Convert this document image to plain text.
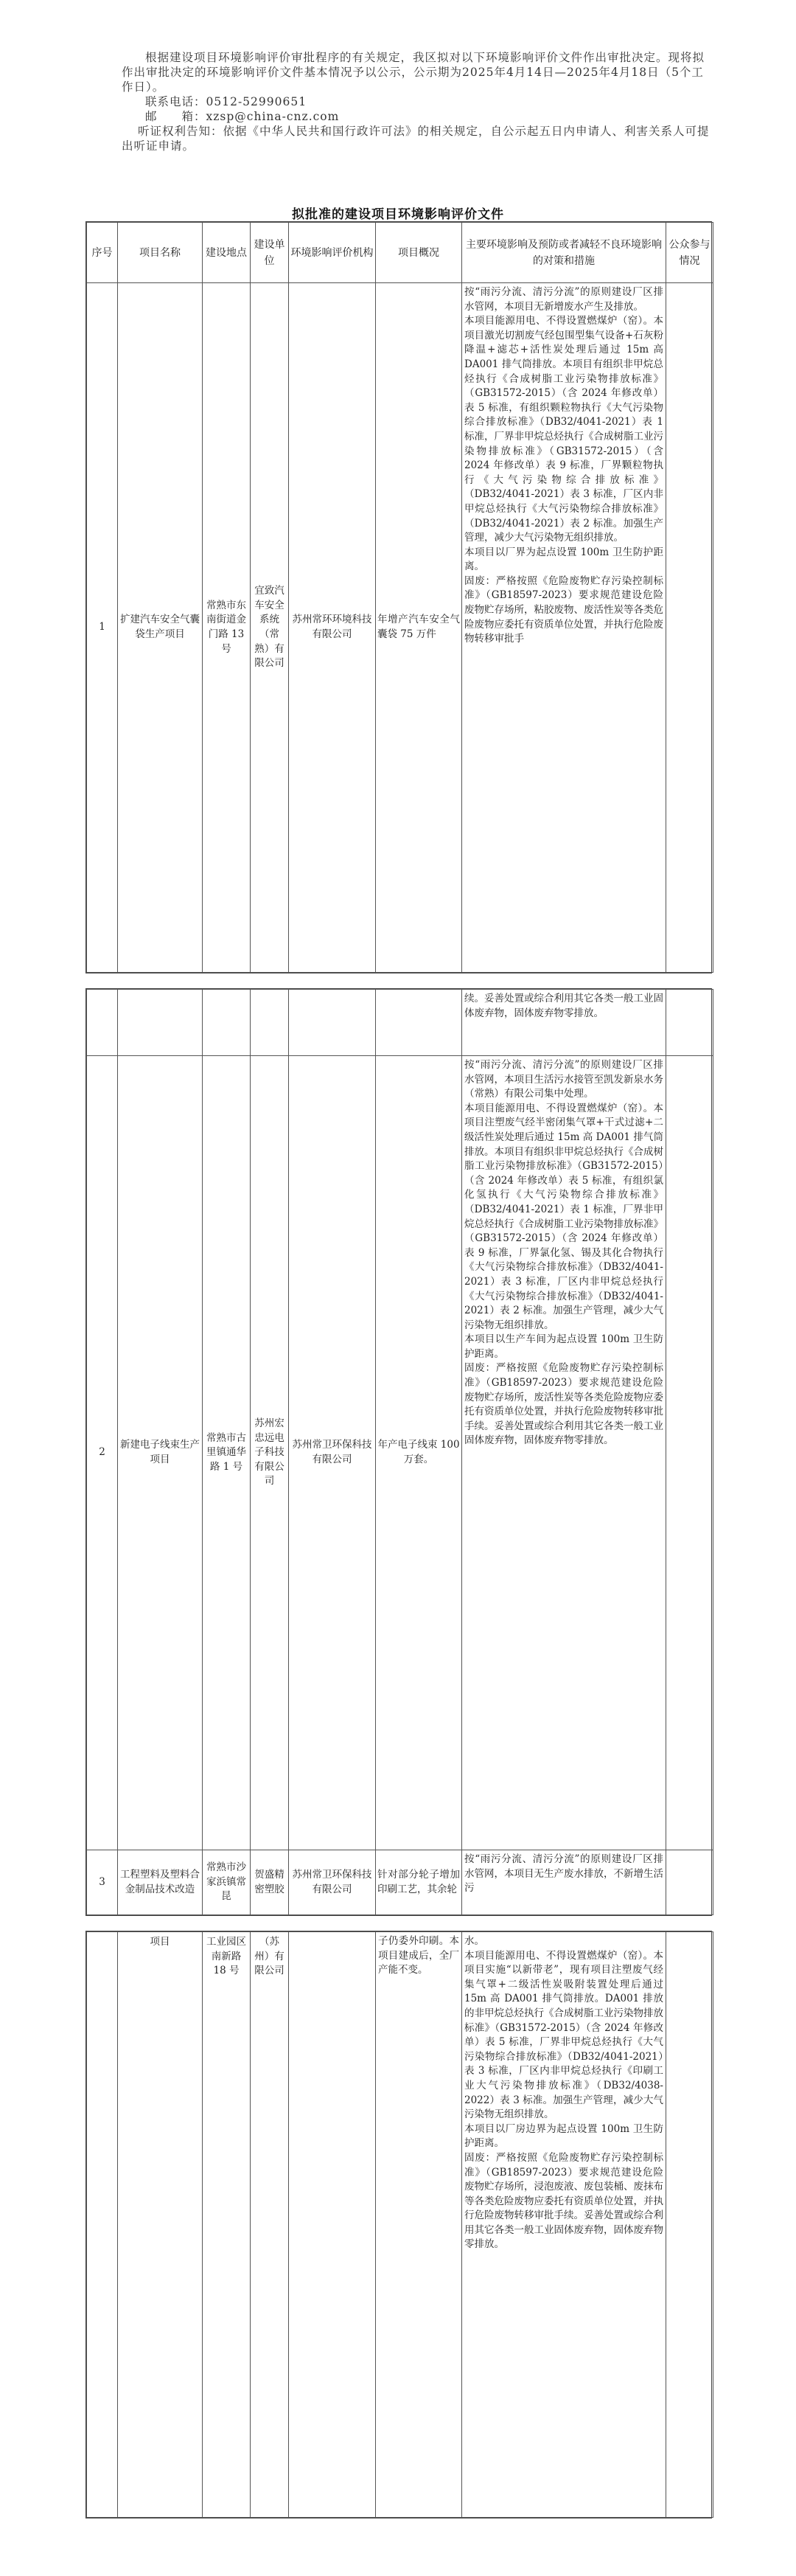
根据建设项目环境影响评价审批程序的有关规定，我区拟对以下环境影响评价文件作出审批决定。现将拟作出审批决定的环境影响评价文件基本情况予以公示，公示期为2025年4月14日—2025年4月18日（5个工作日）。

联系电话：0512-52990651

邮　　箱：xzsp@china-cnz.com

听证权利告知：依据《中华人民共和国行政许可法》的相关规定，自公示起五日内申请人、利害关系人可提出听证申请。

拟批准的建设项目环境影响评价文件
序号	项目名称	建设地点	建设单位	环境影响评价机构	项目概况	主要环境影响及预防或者减轻不良环境影响的对策和措施	公众参与情况
1	扩建汽车安全气囊袋生产项目	常熟市东南街道金门路 13 号	宜致汽车安全系统（常熟）有限公司	苏州常环环境科技有限公司	年增产汽车安全气囊袋 75 万件	按“雨污分流、清污分流”的原则建设厂区排水管网，本项目无新增废水产生及排放。
本项目能源用电、不得设置燃煤炉（窑）。本项目激光切割废气经包围型集气设备+石灰粉降温+滤芯+活性炭处理后通过 15m 高 DA001 排气筒排放。本项目有组织非甲烷总烃执行《合成树脂工业污染物排放标准》（GB31572-2015）（含 2024 年修改单）表 5 标准，有组织颗粒物执行《大气污染物综合排放标准》（DB32/4041-2021）表 1 标准，厂界非甲烷总烃执行《合成树脂工业污染物排放标准》（GB31572-2015）（含 2024 年修改单）表 9 标准，厂界颗粒物执行《大气污染物综合排放标准》（DB32/4041-2021）表 3 标准，厂区内非甲烷总烃执行《大气污染物综合排放标准》（DB32/4041-2021）表 2 标准。加强生产管理，减少大气污染物无组织排放。
本项目以厂界为起点设置 100m 卫生防护距离。
固废：严格按照《危险废物贮存污染控制标准》（GB18597-2023）要求规范建设危险废物贮存场所，粘胶废物、废活性炭等各类危险废物应委托有资质单位处置，并执行危险废物转移审批手	

						续。妥善处置或综合利用其它各类一般工业固体废弃物，固体废弃物零排放。	
2	新建电子线束生产项目	常熟市古里镇通华路 1 号	苏州宏忠远电子科技有限公司	苏州常卫环保科技有限公司	年产电子线束 100 万套。	按“雨污分流、清污分流”的原则建设厂区排水管网，本项目生活污水接管至凯发新泉水务（常熟）有限公司集中处理。
本项目能源用电、不得设置燃煤炉（窑）。本项目注塑废气经半密闭集气罩+干式过滤+二级活性炭处理后通过 15m 高 DA001 排气筒排放。本项目有组织非甲烷总烃执行《合成树脂工业污染物排放标准》（GB31572-2015）（含 2024 年修改单）表 5 标准，有组织氯化氢执行《大气污染物综合排放标准》（DB32/4041-2021）表 1 标准，厂界非甲烷总烃执行《合成树脂工业污染物排放标准》（GB31572-2015）（含 2024 年修改单）表 9 标准，厂界氯化氢、锡及其化合物执行《大气污染物综合排放标准》（DB32/4041-2021）表 3 标准，厂区内非甲烷总烃执行《大气污染物综合排放标准》（DB32/4041-2021）表 2 标准。加强生产管理，减少大气污染物无组织排放。
本项目以生产车间为起点设置 100m 卫生防护距离。
固废：严格按照《危险废物贮存污染控制标准》（GB18597-2023）要求规范建设危险废物贮存场所，废活性炭等各类危险废物应委托有资质单位处置，并执行危险废物转移审批手续。妥善处置或综合利用其它各类一般工业固体废弃物，固体废弃物零排放。	

3	工程塑料及塑料合金制品技术改造	常熟市沙家浜镇常昆	贺盛精密塑胶	苏州常卫环保科技有限公司	针对部分轮子增加印刷工艺，其余轮	按“雨污分流、清污分流”的原则建设厂区排水管网，本项目无生产废水排放，不新增生活污	
	项目	工业园区南新路 18 号	（苏州）有限公司		子仍委外印刷。本项目建成后，全厂产能不变。	
水。
本项目能源用电、不得设置燃煤炉（窑）。本项目实施“以新带老”，现有项目注塑废气经集气罩+二级活性炭吸附装置处理后通过 15m 高 DA001 排气筒排放。DA001 排放的非甲烷总烃执行《合成树脂工业污染物排放标准》（GB31572-2015）（含 2024 年修改单）表 5 标准，厂界非甲烷总烃执行《大气污染物综合排放标准》（DB32/4041-2021）表 3 标准，厂区内非甲烷总烃执行《印刷工业大气污染物排放标准》（DB32/4038-2022）表 3 标准。加强生产管理，减少大气污染物无组织排放。
本项目以厂房边界为起点设置 100m 卫生防护距离。
固废：严格按照《危险废物贮存污染控制标准》（GB18597-2023）要求规范建设危险废物贮存场所，浸泡废液、废包装桶、废抹布等各类危险废物应委托有资质单位处置，并执行危险废物转移审批手续。妥善处置或综合利用其它各类一般工业固体废弃物，固体废弃物零排放。
